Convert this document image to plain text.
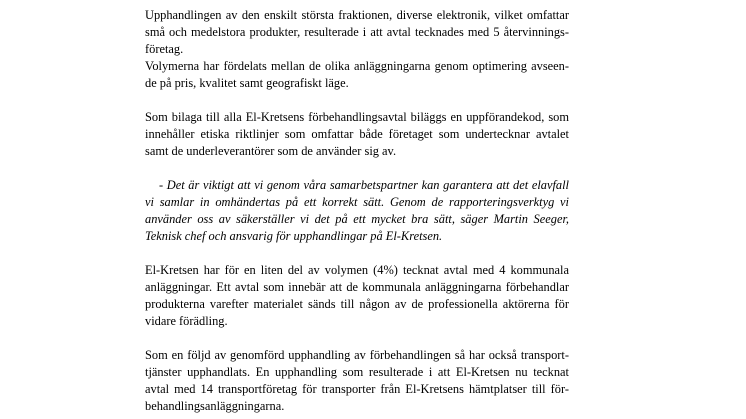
Upphandlingen av den enskilt största fraktionen, diverse elektronik, vilket omfattar
små och medelstora produkter, resulterade i att avtal tecknades med 5 återvinnings-
företag.
Volymerna har fördelats mellan de olika anläggningarna genom optimering avseen-
de på pris, kvalitet samt geografiskt läge.
Som bilaga till alla El-Kretsens förbehandlingsavtal biläggs en uppförandekod, som
innehåller etiska riktlinjer som omfattar både företaget som undertecknar avtalet
samt de underleverantörer som de använder sig av.
- Det är viktigt att vi genom våra samarbetspartner kan garantera att det elavfall
vi samlar in omhändertas på ett korrekt sätt. Genom de rapporteringsverktyg vi
använder oss av säkerställer vi det på ett mycket bra sätt, säger Martin Seeger,
Teknisk chef och ansvarig för upphandlingar på El-Kretsen.
El-Kretsen har för en liten del av volymen (4%) tecknat avtal med 4 kommunala
anläggningar. Ett avtal som innebär att de kommunala anläggningarna förbehandlar
produkterna varefter materialet sänds till någon av de professionella aktörerna för
vidare förädling.
Som en följd av genomförd upphandling av förbehandlingen så har också transport-
tjänster upphandlats. En upphandling som resulterade i att El-Kretsen nu tecknat
avtal med 14 transportföretag för transporter från El-Kretsens hämtplatser till för-
behandlingsanläggningarna.
